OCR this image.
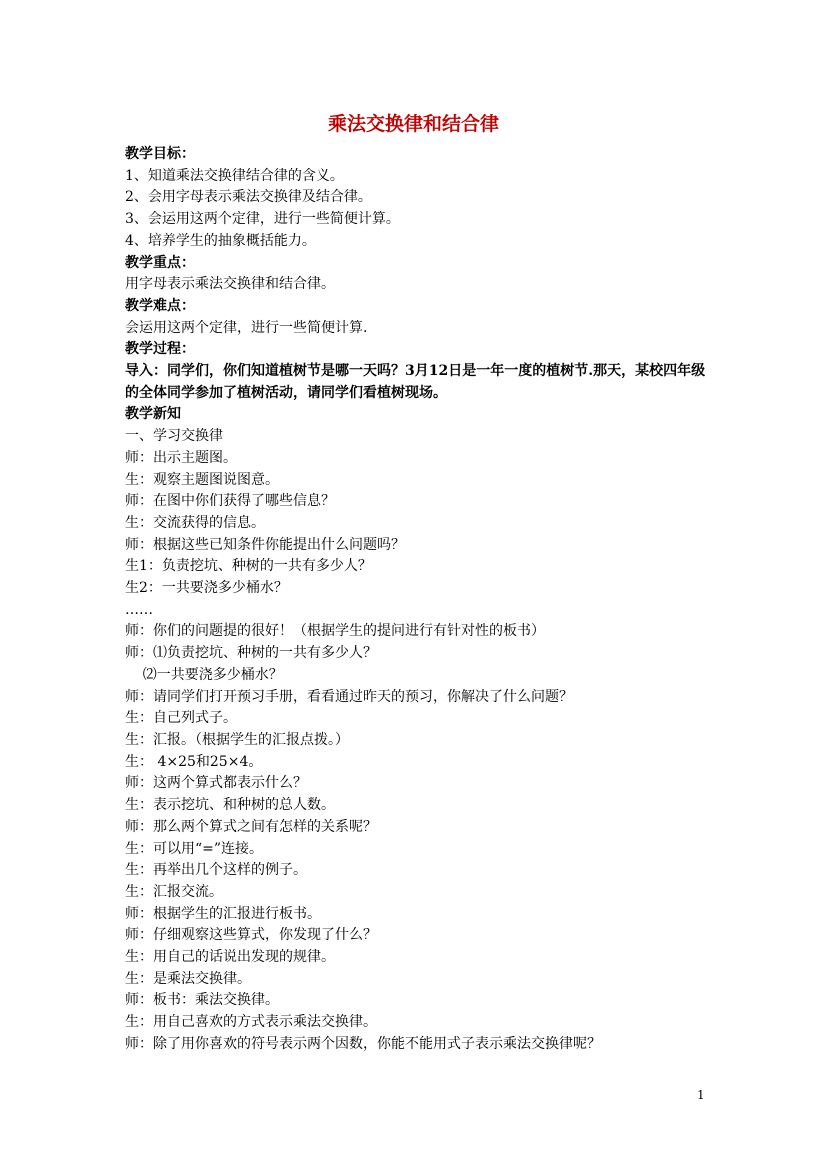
乘法交换律和结合律

教学目标：

1、知道乘法交换律结合律的含义。

2、会用字母表示乘法交换律及结合律。

3、会运用这两个定律，进行一些简便计算。

4、培养学生的抽象概括能力。

教学重点：

用字母表示乘法交换律和结合律。

教学难点：

会运用这两个定律，进行一些简便计算.

教学过程：

导入：同学们，你们知道植树节是哪一天吗？3月12日是一年一度的植树节.那天，某校四年级的全体同学参加了植树活动，请同学们看植树现场。

教学新知

一、学习交换律

师：出示主题图。

生：观察主题图说图意。

师：在图中你们获得了哪些信息？

生：交流获得的信息。

师：根据这些已知条件你能提出什么问题吗？

生1：负责挖坑、种树的一共有多少人？

生2：一共要浇多少桶水？

……

师：你们的问题提的很好！（根据学生的提问进行有针对性的板书）

师：⑴负责挖坑、种树的一共有多少人？

⑵一共要浇多少桶水？

师：请同学们打开预习手册，看看通过昨天的预习，你解决了什么问题？

生：自己列式子。

生：汇报。（根据学生的汇报点拨。）

生： 4×25和25×4。

师：这两个算式都表示什么？

生：表示挖坑、和种树的总人数。

师：那么两个算式之间有怎样的关系呢？

生：可以用“=”连接。

生：再举出几个这样的例子。

生：汇报交流。

师：根据学生的汇报进行板书。

师：仔细观察这些算式，你发现了什么？

生：用自己的话说出发现的规律。

生：是乘法交换律。

师：板书：乘法交换律。

生：用自己喜欢的方式表示乘法交换律。

师：除了用你喜欢的符号表示两个因数，你能不能用式子表示乘法交换律呢？

1
